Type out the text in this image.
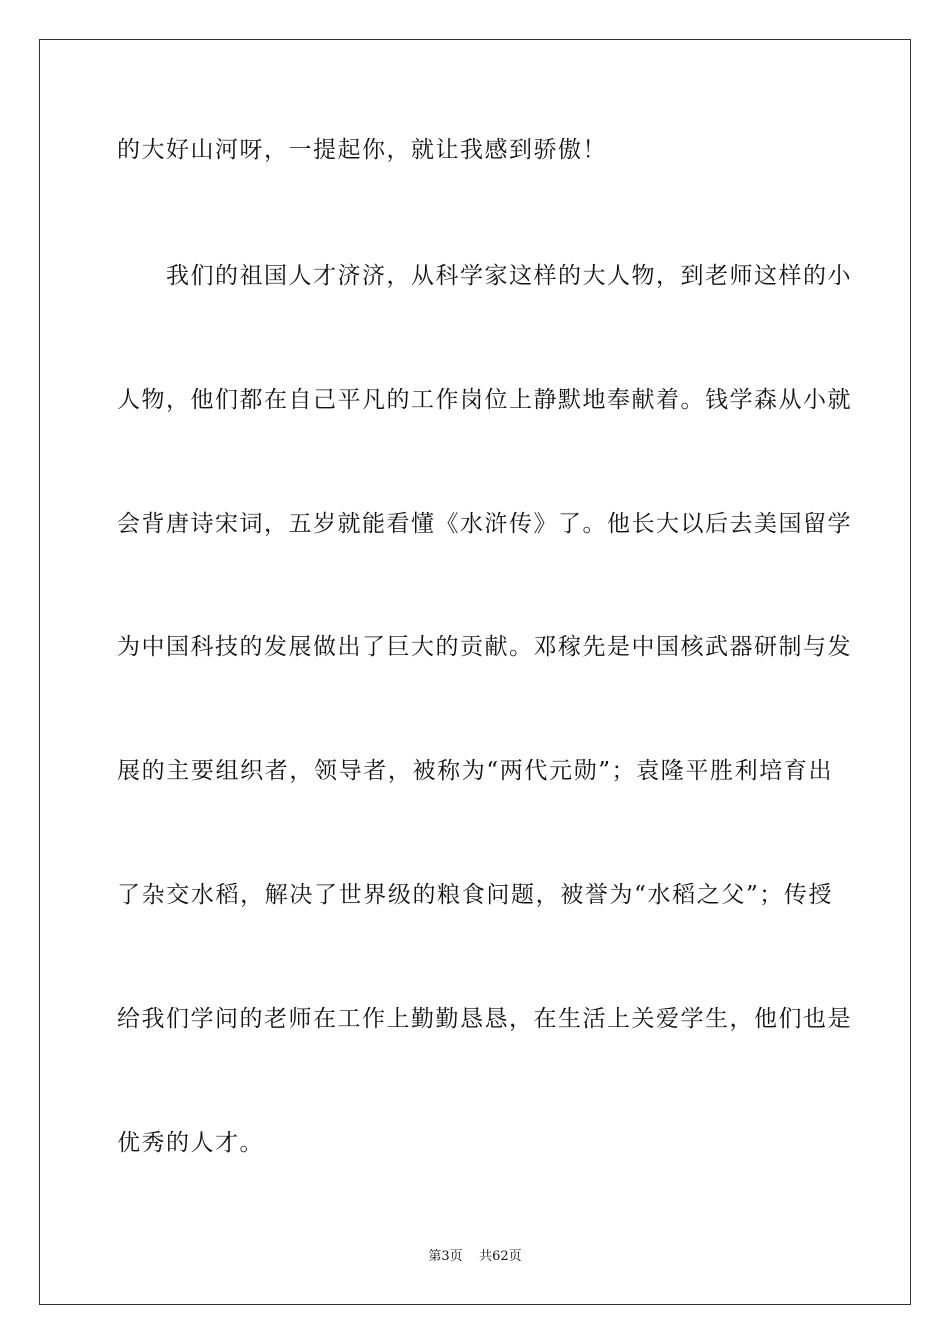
的大好山河呀，一提起你，就让我感到骄傲！
　　我们的祖国人才济济，从科学家这样的大人物，到老师这样的小
人物，他们都在自己平凡的工作岗位上静默地奉献着。钱学森从小就
会背唐诗宋词，五岁就能看懂《水浒传》了。他长大以后去美国留学
为中国科技的发展做出了巨大的贡献。邓稼先是中国核武器研制与发
展的主要组织者，领导者，被称为“两代元勋”；袁隆平胜利培育出
了杂交水稻，解决了世界级的粮食问题，被誉为“水稻之父”；传授
给我们学问的老师在工作上勤勤恳恳，在生活上关爱学生，他们也是
优秀的人才。
第3页 共62页
